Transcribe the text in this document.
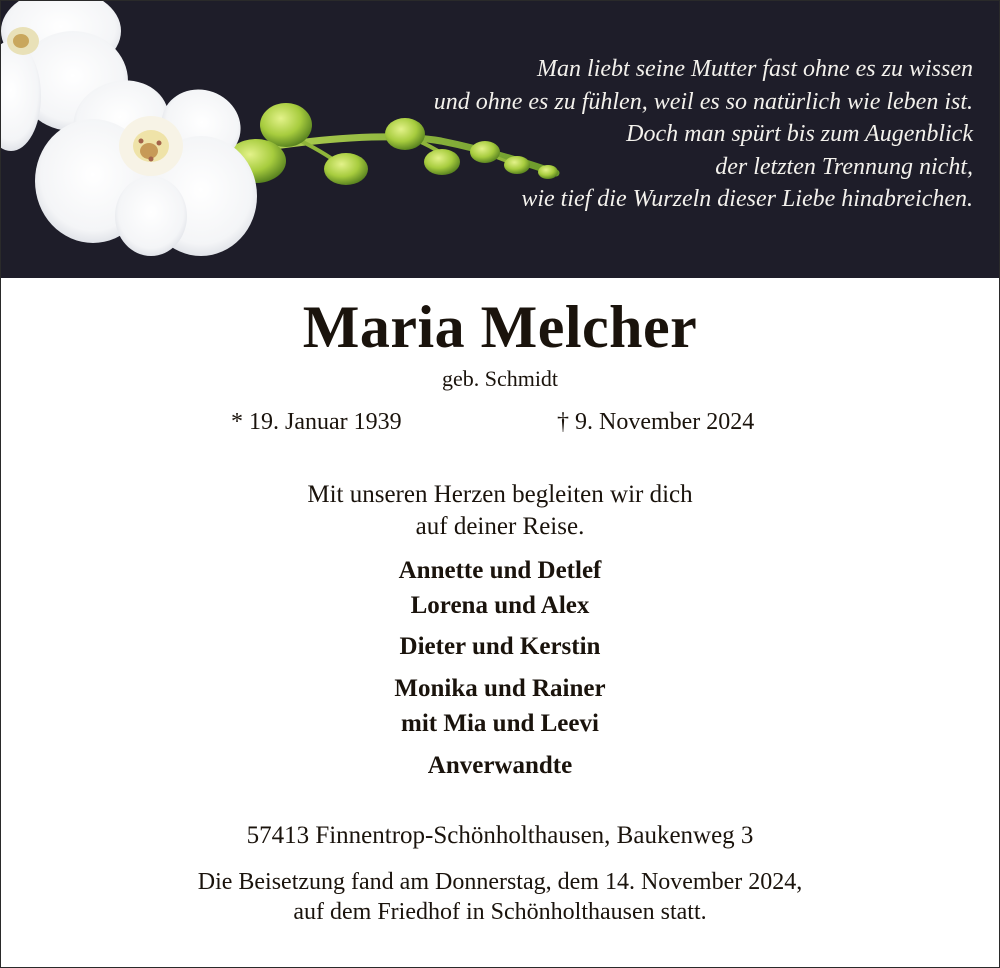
Man liebt seine Mutter fast ohne es zu wissen
und ohne es zu fühlen, weil es so natürlich wie leben ist.
Doch man spürt bis zum Augenblick
der letzten Trennung nicht,
wie tief die Wurzeln dieser Liebe hinabreichen.
Maria Melcher
geb. Schmidt
* 19. Januar 1939	† 9. November 2024
Mit unseren Herzen begleiten wir dich
auf deiner Reise.
Annette und Detlef
Lorena und Alex
Dieter und Kerstin
Monika und Rainer
mit Mia und Leevi
Anverwandte
57413 Finnentrop-Schönholthausen, Baukenweg 3
Die Beisetzung fand am Donnerstag, dem 14. November 2024,
auf dem Friedhof in Schönholthausen statt.
